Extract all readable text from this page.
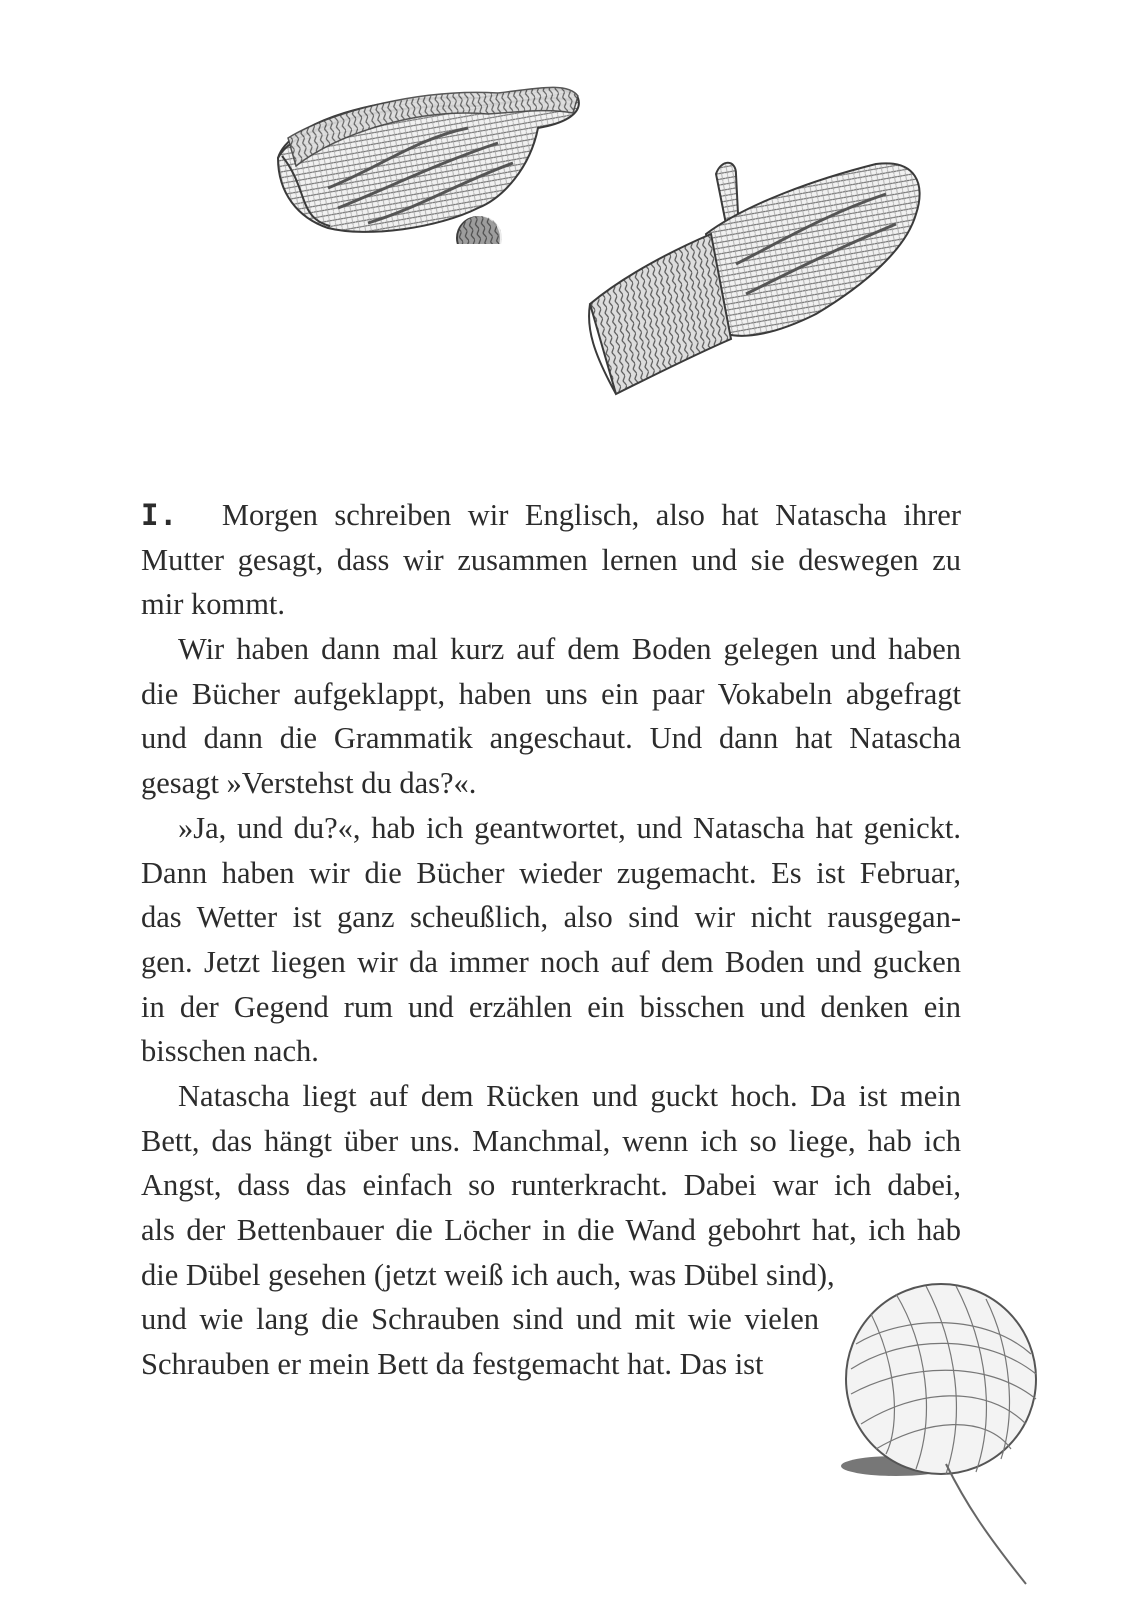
I. Morgen schreiben wir Englisch, also hat Natascha ihrer
Mutter gesagt, dass wir zusammen lernen und sie deswegen zu
mir kommt.
Wir haben dann mal kurz auf dem Boden gelegen und haben
die Bücher aufgeklappt, haben uns ein paar Vokabeln abgefragt
und dann die Grammatik angeschaut. Und dann hat Natascha
gesagt »Verstehst du das?«.
»Ja, und du?«, hab ich geantwortet, und Natascha hat genickt.
Dann haben wir die Bücher wieder zugemacht. Es ist Februar,
das Wetter ist ganz scheußlich, also sind wir nicht rausgegan-
gen. Jetzt liegen wir da immer noch auf dem Boden und gucken
in der Gegend rum und erzählen ein bisschen und denken ein
bisschen nach.
Natascha liegt auf dem Rücken und guckt hoch. Da ist mein
Bett, das hängt über uns. Manchmal, wenn ich so liege, hab ich
Angst, dass das einfach so runterkracht. Dabei war ich dabei,
als der Bettenbauer die Löcher in die Wand gebohrt hat, ich hab
die Dübel gesehen (jetzt weiß ich auch, was Dübel sind),
und wie lang die Schrauben sind und mit wie vielen
Schrauben er mein Bett da festgemacht hat. Das ist
